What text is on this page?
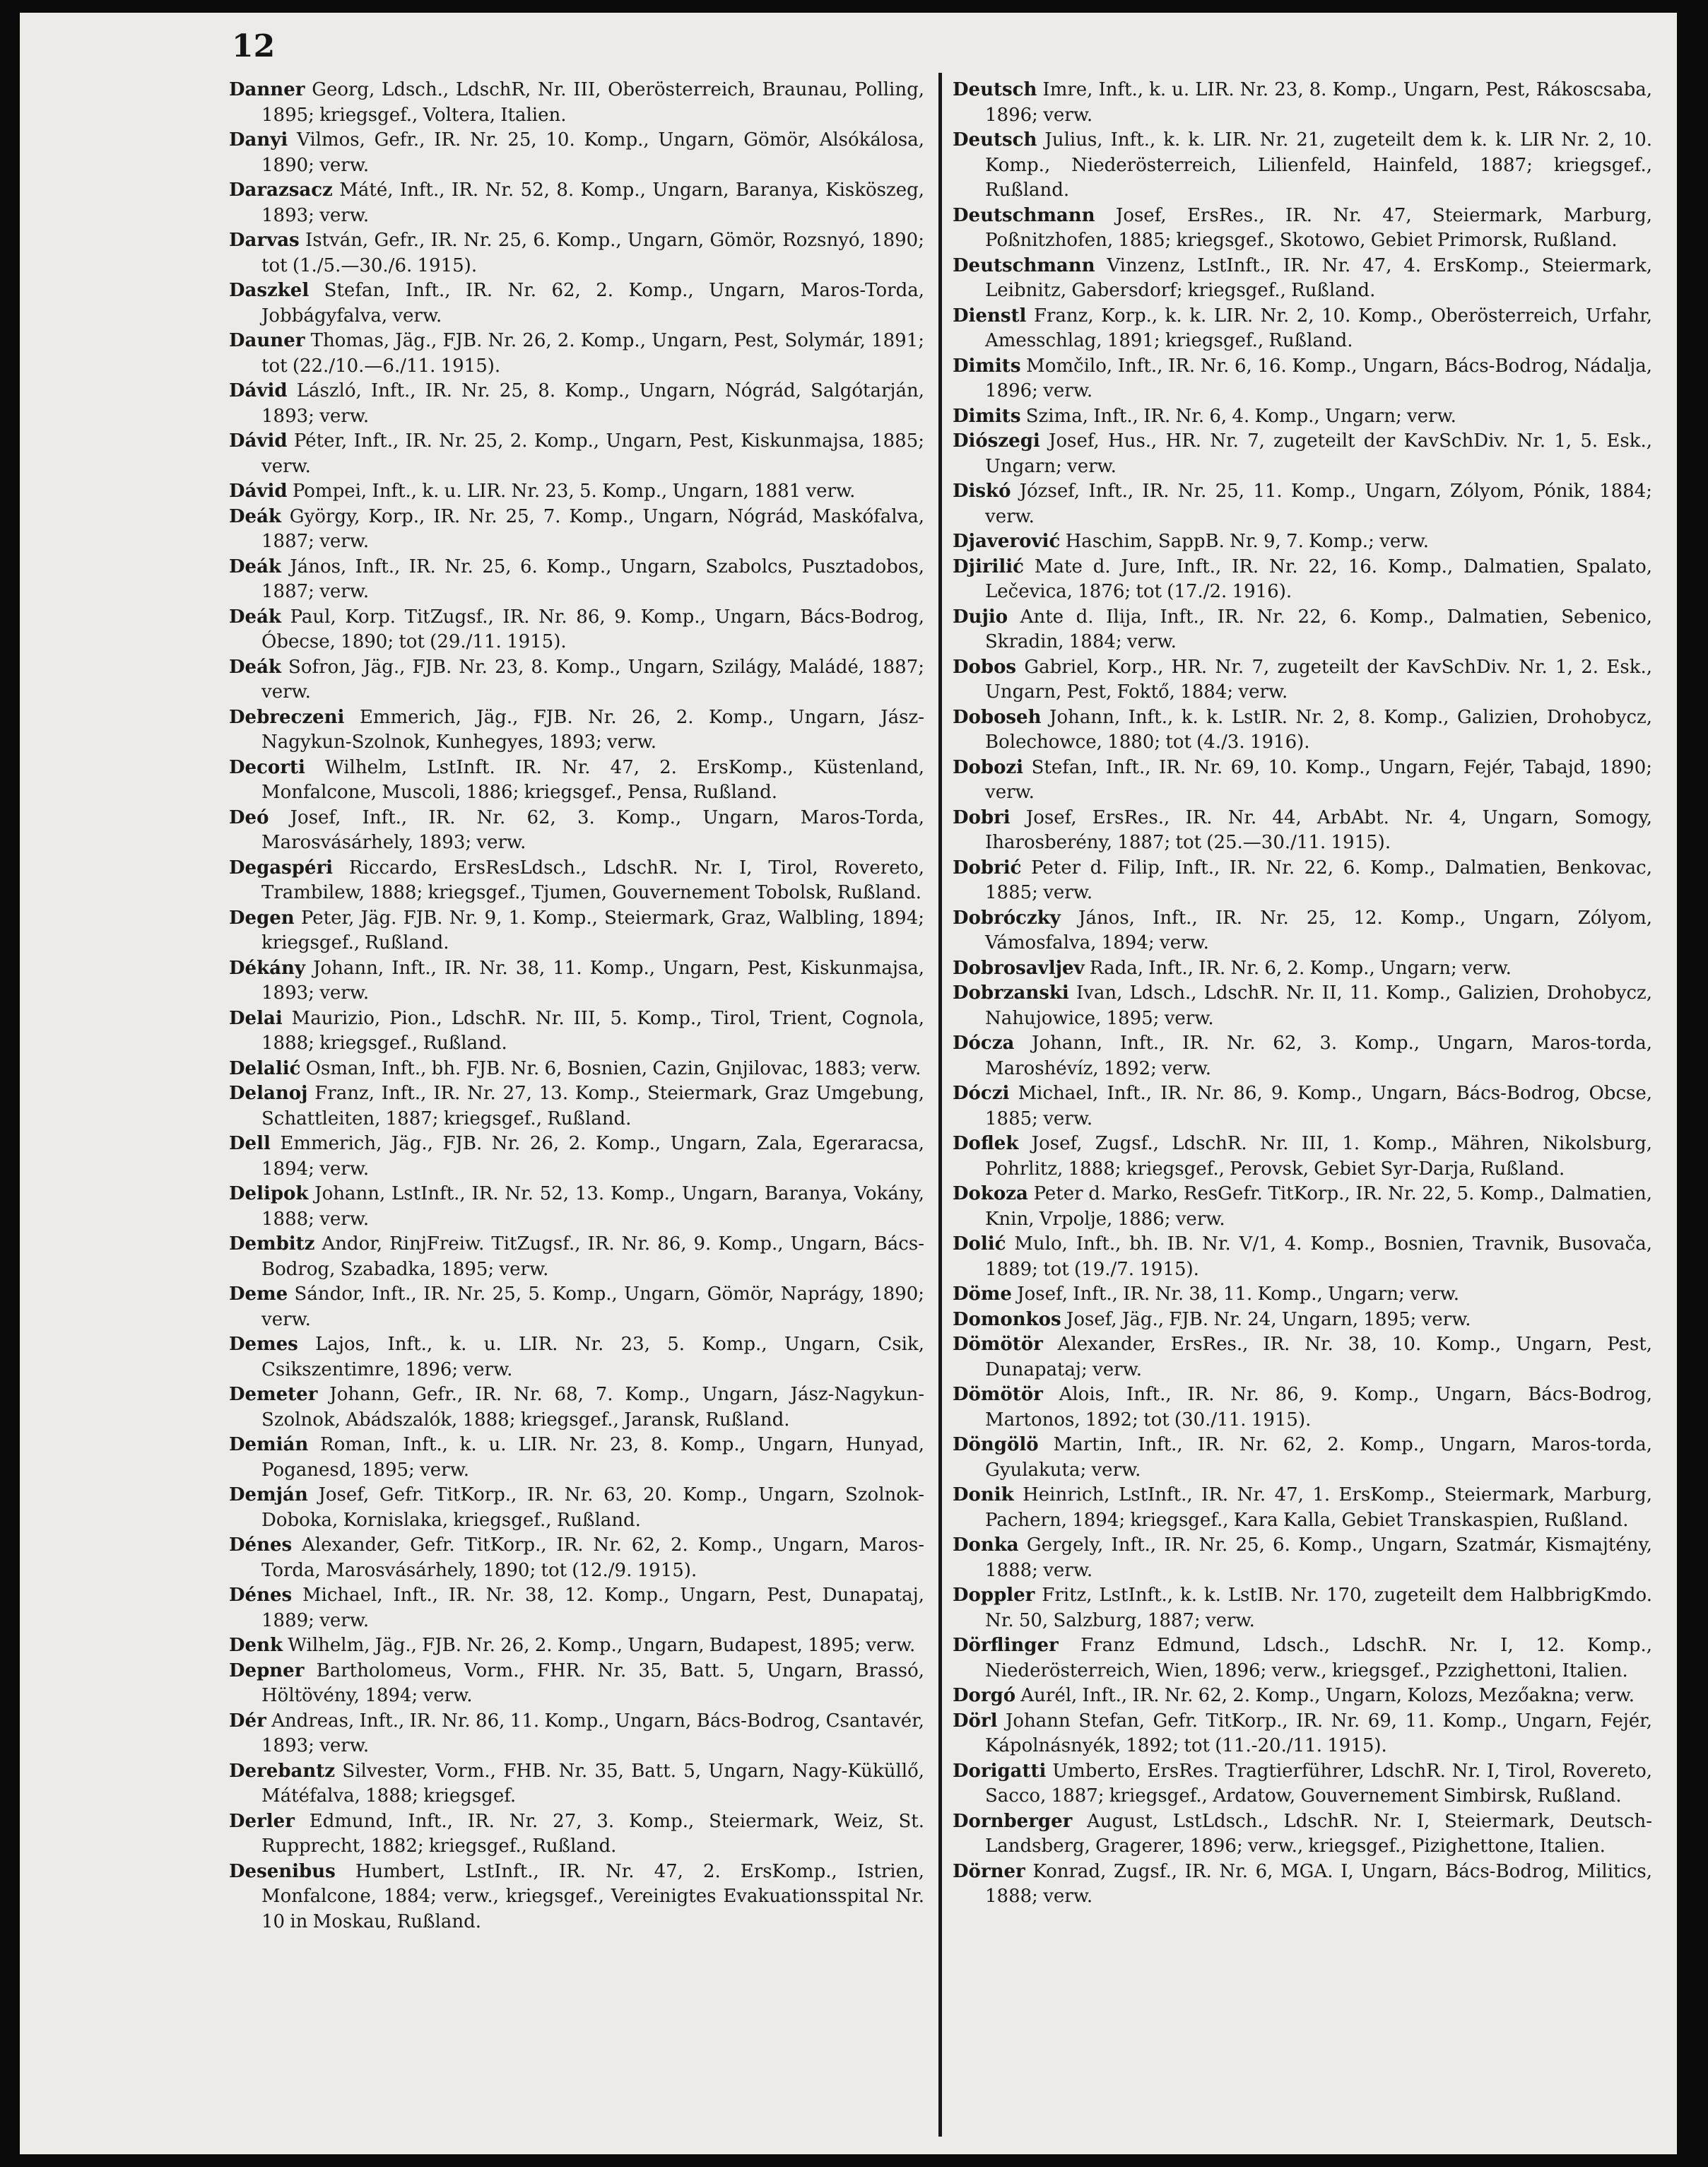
12

Danner Georg, Ldsch., LdschR, Nr. III, Oberösterreich, Braunau, Polling, 1895; kriegsgef., Voltera, Italien.

Danyi Vilmos, Gefr., IR. Nr. 25, 10. Komp., Ungarn, Gömör, Alsókálosa, 1890; verw.

Darazsacz Máté, Inft., IR. Nr. 52, 8. Komp., Ungarn, Baranya, Kisköszeg, 1893; verw.

Darvas István, Gefr., IR. Nr. 25, 6. Komp., Ungarn, Gömör, Rozsnyó, 1890; tot (1./5.—30./6. 1915).

Daszkel Stefan, Inft., IR. Nr. 62, 2. Komp., Ungarn, Maros-Torda, Jobbágyfalva, verw.

Dauner Thomas, Jäg., FJB. Nr. 26, 2. Komp., Ungarn, Pest, Solymár, 1891; tot (22./10.—6./11. 1915).

Dávid László, Inft., IR. Nr. 25, 8. Komp., Ungarn, Nógrád, Salgótarján, 1893; verw.

Dávid Péter, Inft., IR. Nr. 25, 2. Komp., Ungarn, Pest, Kiskunmajsa, 1885; verw.

Dávid Pompei, Inft., k. u. LIR. Nr. 23, 5. Komp., Ungarn, 1881 verw.

Deák György, Korp., IR. Nr. 25, 7. Komp., Ungarn, Nógrád, Maskófalva, 1887; verw.

Deák János, Inft., IR. Nr. 25, 6. Komp., Ungarn, Szabolcs, Pusztadobos, 1887; verw.

Deák Paul, Korp. TitZugsf., IR. Nr. 86, 9. Komp., Ungarn, Bács-Bodrog, Óbecse, 1890; tot (29./11. 1915).

Deák Sofron, Jäg., FJB. Nr. 23, 8. Komp., Ungarn, Szilágy, Maládé, 1887; verw.

Debreczeni Emmerich, Jäg., FJB. Nr. 26, 2. Komp., Ungarn, Jász-Nagykun-Szolnok, Kunhegyes, 1893; verw.

Decorti Wilhelm, LstInft. IR. Nr. 47, 2. ErsKomp., Küstenland, Monfalcone, Muscoli, 1886; kriegsgef., Pensa, Rußland.

Deó Josef, Inft., IR. Nr. 62, 3. Komp., Ungarn, Maros-Torda, Marosvásárhely, 1893; verw.

Degaspéri Riccardo, ErsResLdsch., LdschR. Nr. I, Tirol, Rovereto, Trambilew, 1888; kriegsgef., Tjumen, Gouvernement Tobolsk, Rußland.

Degen Peter, Jäg. FJB. Nr. 9, 1. Komp., Steiermark, Graz, Walbling, 1894; kriegsgef., Rußland.

Dékány Johann, Inft., IR. Nr. 38, 11. Komp., Ungarn, Pest, Kiskunmajsa, 1893; verw.

Delai Maurizio, Pion., LdschR. Nr. III, 5. Komp., Tirol, Trient, Cognola, 1888; kriegsgef., Rußland.

Delalić Osman, Inft., bh. FJB. Nr. 6, Bosnien, Cazin, Gnjilovac, 1883; verw.

Delanoj Franz, Inft., IR. Nr. 27, 13. Komp., Steiermark, Graz Umgebung, Schattleiten, 1887; kriegsgef., Rußland.

Dell Emmerich, Jäg., FJB. Nr. 26, 2. Komp., Ungarn, Zala, Egeraracsa, 1894; verw.

Delipok Johann, LstInft., IR. Nr. 52, 13. Komp., Ungarn, Baranya, Vokány, 1888; verw.

Dembitz Andor, RinjFreiw. TitZugsf., IR. Nr. 86, 9. Komp., Ungarn, Bács-Bodrog, Szabadka, 1895; verw.

Deme Sándor, Inft., IR. Nr. 25, 5. Komp., Ungarn, Gömör, Naprágy, 1890; verw.

Demes Lajos, Inft., k. u. LIR. Nr. 23, 5. Komp., Ungarn, Csik, Csikszentimre, 1896; verw.

Demeter Johann, Gefr., IR. Nr. 68, 7. Komp., Ungarn, Jász-Nagykun-Szolnok, Abádszalók, 1888; kriegsgef., Jaransk, Rußland.

Demián Roman, Inft., k. u. LIR. Nr. 23, 8. Komp., Ungarn, Hunyad, Poganesd, 1895; verw.

Demján Josef, Gefr. TitKorp., IR. Nr. 63, 20. Komp., Ungarn, Szolnok-Doboka, Kornislaka, kriegsgef., Rußland.

Dénes Alexander, Gefr. TitKorp., IR. Nr. 62, 2. Komp., Ungarn, Maros-Torda, Marosvásárhely, 1890; tot (12./9. 1915).

Dénes Michael, Inft., IR. Nr. 38, 12. Komp., Ungarn, Pest, Dunapataj, 1889; verw.

Denk Wilhelm, Jäg., FJB. Nr. 26, 2. Komp., Ungarn, Budapest, 1895; verw.

Depner Bartholomeus, Vorm., FHR. Nr. 35, Batt. 5, Ungarn, Brassó, Höltövény, 1894; verw.

Dér Andreas, Inft., IR. Nr. 86, 11. Komp., Ungarn, Bács-Bodrog, Csantavér, 1893; verw.

Derebantz Silvester, Vorm., FHB. Nr. 35, Batt. 5, Ungarn, Nagy-Küküllő, Mátéfalva, 1888; kriegsgef.

Derler Edmund, Inft., IR. Nr. 27, 3. Komp., Steiermark, Weiz, St. Rupprecht, 1882; kriegsgef., Rußland.

Desenibus Humbert, LstInft., IR. Nr. 47, 2. ErsKomp., Istrien, Monfalcone, 1884; verw., kriegsgef., Vereinigtes Evakuationsspital Nr. 10 in Moskau, Rußland.

Deutsch Imre, Inft., k. u. LIR. Nr. 23, 8. Komp., Ungarn, Pest, Rákoscsaba, 1896; verw.

Deutsch Julius, Inft., k. k. LIR. Nr. 21, zugeteilt dem k. k. LIR Nr. 2, 10. Komp., Niederösterreich, Lilienfeld, Hainfeld, 1887; kriegsgef., Rußland.

Deutschmann Josef, ErsRes., IR. Nr. 47, Steiermark, Marburg, Poßnitzhofen, 1885; kriegsgef., Skotowo, Gebiet Primorsk, Rußland.

Deutschmann Vinzenz, LstInft., IR. Nr. 47, 4. ErsKomp., Steiermark, Leibnitz, Gabersdorf; kriegsgef., Rußland.

Dienstl Franz, Korp., k. k. LIR. Nr. 2, 10. Komp., Oberösterreich, Urfahr, Amesschlag, 1891; kriegsgef., Rußland.

Dimits Momčilo, Inft., IR. Nr. 6, 16. Komp., Ungarn, Bács-Bodrog, Nádalja, 1896; verw.

Dimits Szima, Inft., IR. Nr. 6, 4. Komp., Ungarn; verw.

Diószegi Josef, Hus., HR. Nr. 7, zugeteilt der KavSchDiv. Nr. 1, 5. Esk., Ungarn; verw.

Diskó József, Inft., IR. Nr. 25, 11. Komp., Ungarn, Zólyom, Pónik, 1884; verw.

Djaverović Haschim, SappB. Nr. 9, 7. Komp.; verw.

Djirilić Mate d. Jure, Inft., IR. Nr. 22, 16. Komp., Dalmatien, Spalato, Lečevica, 1876; tot (17./2. 1916).

Dujio Ante d. Ilija, Inft., IR. Nr. 22, 6. Komp., Dalmatien, Sebenico, Skradin, 1884; verw.

Dobos Gabriel, Korp., HR. Nr. 7, zugeteilt der KavSchDiv. Nr. 1, 2. Esk., Ungarn, Pest, Foktő, 1884; verw.

Doboseh Johann, Inft., k. k. LstIR. Nr. 2, 8. Komp., Galizien, Drohobycz, Bolechowce, 1880; tot (4./3. 1916).

Dobozi Stefan, Inft., IR. Nr. 69, 10. Komp., Ungarn, Fejér, Tabajd, 1890; verw.

Dobri Josef, ErsRes., IR. Nr. 44, ArbAbt. Nr. 4, Ungarn, Somogy, Iharosberény, 1887; tot (25.—30./11. 1915).

Dobrić Peter d. Filip, Inft., IR. Nr. 22, 6. Komp., Dalmatien, Benkovac, 1885; verw.

Dobróczky János, Inft., IR. Nr. 25, 12. Komp., Ungarn, Zólyom, Vámosfalva, 1894; verw.

Dobrosavljev Rada, Inft., IR. Nr. 6, 2. Komp., Ungarn; verw.

Dobrzanski Ivan, Ldsch., LdschR. Nr. II, 11. Komp., Galizien, Drohobycz, Nahujowice, 1895; verw.

Dócza Johann, Inft., IR. Nr. 62, 3. Komp., Ungarn, Maros-torda, Maroshévíz, 1892; verw.

Dóczi Michael, Inft., IR. Nr. 86, 9. Komp., Ungarn, Bács-Bodrog, Obcse, 1885; verw.

Doflek Josef, Zugsf., LdschR. Nr. III, 1. Komp., Mähren, Nikolsburg, Pohrlitz, 1888; kriegsgef., Perovsk, Gebiet Syr-Darja, Rußland.

Dokoza Peter d. Marko, ResGefr. TitKorp., IR. Nr. 22, 5. Komp., Dalmatien, Knin, Vrpolje, 1886; verw.

Dolić Mulo, Inft., bh. IB. Nr. V/1, 4. Komp., Bosnien, Travnik, Busovača, 1889; tot (19./7. 1915).

Döme Josef, Inft., IR. Nr. 38, 11. Komp., Ungarn; verw.

Domonkos Josef, Jäg., FJB. Nr. 24, Ungarn, 1895; verw.

Dömötör Alexander, ErsRes., IR. Nr. 38, 10. Komp., Ungarn, Pest, Dunapataj; verw.

Dömötör Alois, Inft., IR. Nr. 86, 9. Komp., Ungarn, Bács-Bodrog, Martonos, 1892; tot (30./11. 1915).

Döngölö Martin, Inft., IR. Nr. 62, 2. Komp., Ungarn, Maros-torda, Gyulakuta; verw.

Donik Heinrich, LstInft., IR. Nr. 47, 1. ErsKomp., Steiermark, Marburg, Pachern, 1894; kriegsgef., Kara Kalla, Gebiet Transkaspien, Rußland.

Donka Gergely, Inft., IR. Nr. 25, 6. Komp., Ungarn, Szatmár, Kismajtény, 1888; verw.

Doppler Fritz, LstInft., k. k. LstIB. Nr. 170, zugeteilt dem HalbbrigKmdo. Nr. 50, Salzburg, 1887; verw.

Dörflinger Franz Edmund, Ldsch., LdschR. Nr. I, 12. Komp., Niederösterreich, Wien, 1896; verw., kriegsgef., Pzzighettoni, Italien.

Dorgó Aurél, Inft., IR. Nr. 62, 2. Komp., Ungarn, Kolozs, Mezőakna; verw.

Dörl Johann Stefan, Gefr. TitKorp., IR. Nr. 69, 11. Komp., Ungarn, Fejér, Kápolnásnyék, 1892; tot (11.-20./11. 1915).

Dorigatti Umberto, ErsRes. Tragtierführer, LdschR. Nr. I, Tirol, Rovereto, Sacco, 1887; kriegsgef., Ardatow, Gouvernement Simbirsk, Rußland.

Dornberger August, LstLdsch., LdschR. Nr. I, Steiermark, Deutsch-Landsberg, Gragerer, 1896; verw., kriegsgef., Pizighettone, Italien.

Dörner Konrad, Zugsf., IR. Nr. 6, MGA. I, Ungarn, Bács-Bodrog, Militics, 1888; verw.
